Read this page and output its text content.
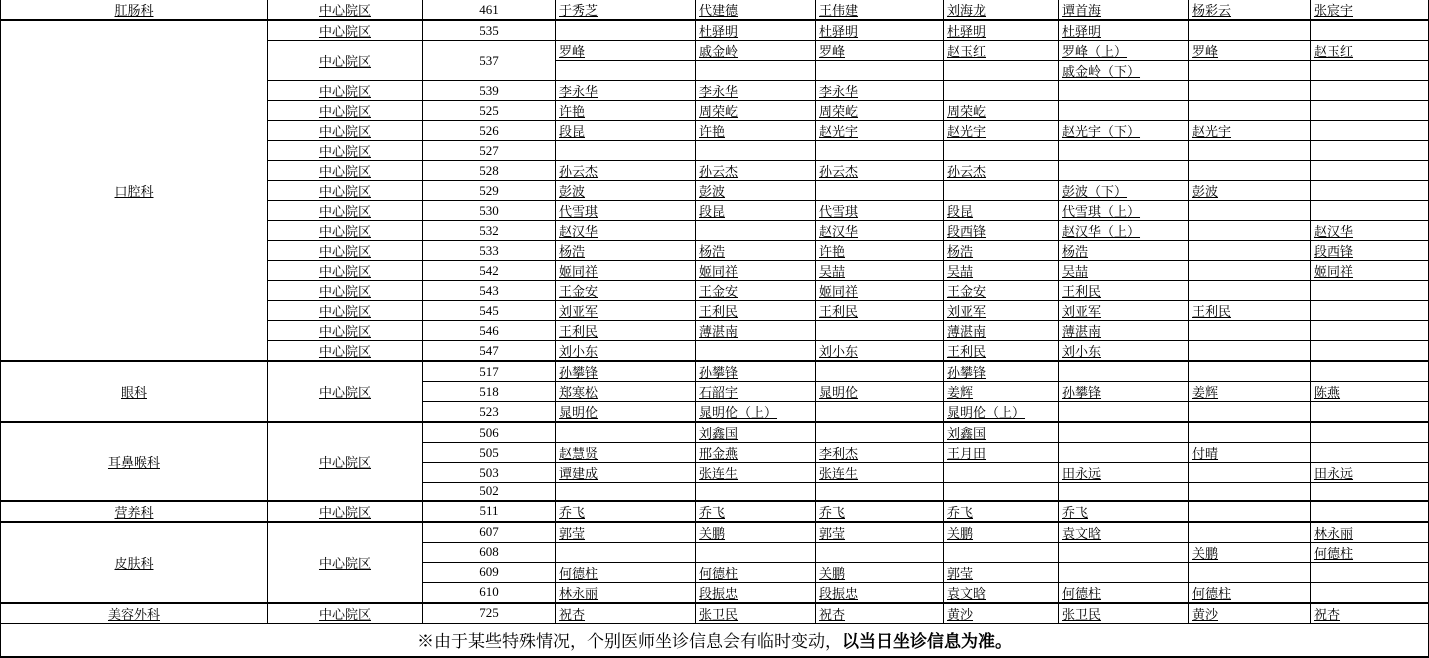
肛肠科	中心院区	461	于秀芝	代建德	王伟建	刘海龙	谭首海	杨彩云	张宸宇
口腔科	中心院区	535		杜驿明	杜驿明	杜驿明	杜驿明		
	中心院区	537	罗峰	戚金岭	罗峰	赵玉红	罗峰（上）	罗峰	赵玉红
							戚金岭（下）		
	中心院区	539	李永华	李永华	李永华				
	中心院区	525	许艳	周荣屹	周荣屹	周荣屹			
	中心院区	526	段昆	许艳	赵光宇	赵光宇	赵光宇（下）	赵光宇	
	中心院区	527							
	中心院区	528	孙云杰	孙云杰	孙云杰	孙云杰			
	中心院区	529	彭波	彭波			彭波（下）	彭波	
	中心院区	530	代雪琪	段昆	代雪琪	段昆	代雪琪（上）		
	中心院区	532	赵汉华		赵汉华	段西锋	赵汉华（上）		赵汉华
	中心院区	533	杨浩	杨浩	许艳	杨浩	杨浩		段西锋
	中心院区	542	姬同祥	姬同祥	吴喆	吴喆	吴喆		姬同祥
	中心院区	543	王金安	王金安	姬同祥	王金安	王利民		
	中心院区	545	刘亚军	王利民	王利民	刘亚军	刘亚军	王利民	
	中心院区	546	王利民	薄湛南		薄湛南	薄湛南		
	中心院区	547	刘小东		刘小东	王利民	刘小东		
眼科	中心院区	517	孙攀锋	孙攀锋		孙攀锋			
		518	郑寒松	石韶宇	晁明伦	姜辉	孙攀锋	姜辉	陈燕
		523	晁明伦	晁明伦（上）		晁明伦（上）			
耳鼻喉科	中心院区	506		刘鑫国		刘鑫国			
		505	赵慧贤	邢金燕	李利杰	王月田		付晴	
		503	谭建成	张连生	张连生		田永远		田永远
		502							
营养科	中心院区	511	乔飞	乔飞	乔飞	乔飞	乔飞		
皮肤科	中心院区	607	郭莹	关鹏	郭莹	关鹏	袁文晗		林永丽
		608						关鹏	何德柱
		609	何德柱	何德柱	关鹏	郭莹			
		610	林永丽	段振忠	段振忠	袁文晗	何德柱	何德柱	
美容外科	中心院区	725	祝杏	张卫民	祝杏	黄沙	张卫民	黄沙	祝杏
※由于某些特殊情况，个别医师坐诊信息会有临时变动，以当日坐诊信息为准。									
